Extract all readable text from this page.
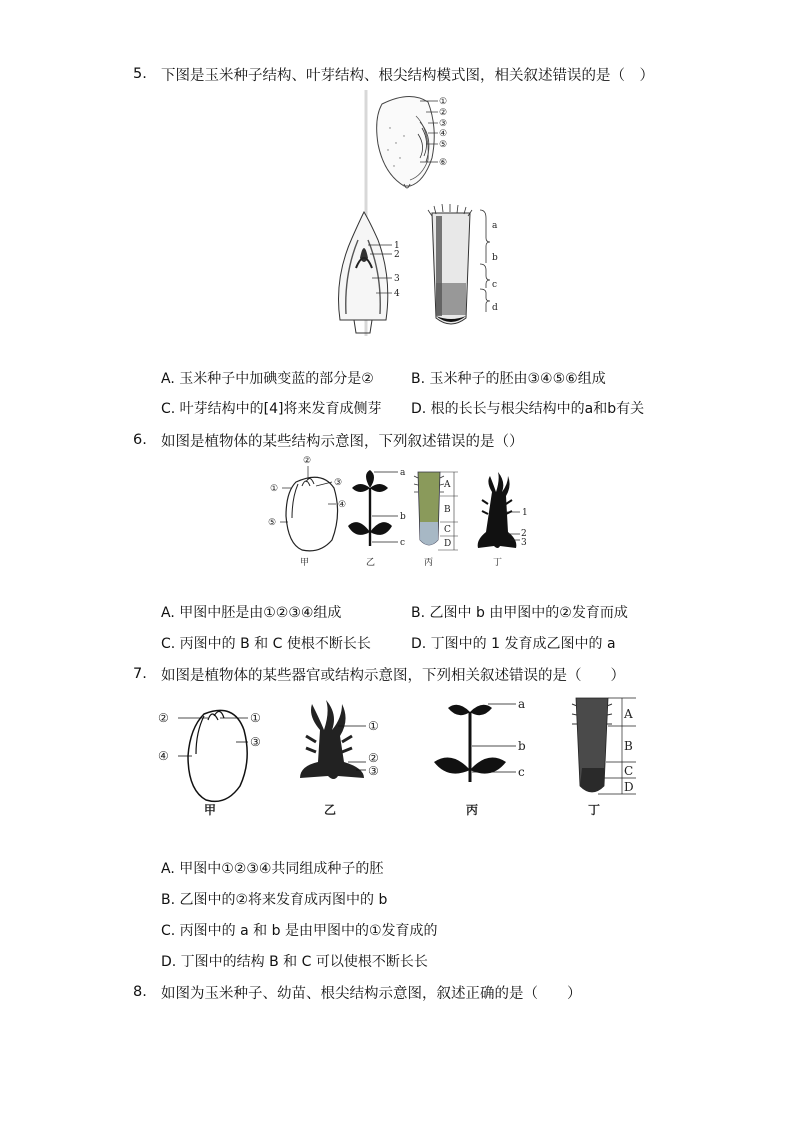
5. 下图是玉米种子结构、叶芽结构、根尖结构模式图，相关叙述错误的是（　）
①
②
③
④
⑤
⑥
1
2
3
4
a
b
c
d
A. 玉米种子中加碘变蓝的部分是②	B. 玉米种子的胚由③④⑤⑥组成
C. 叶芽结构中的[4]将来发育成侧芽 D. 根的长长与根尖结构中的a和b有关
6. 如图是植物体的某些结构示意图，下列叙述错误的是（）
②
①
③
④
⑤
甲
a
b
c
乙
A
B
C
D
丙
1
2
3
丁
A. 甲图中胚是由①②③④组成	B. 乙图中 b 由甲图中的②发育而成
C. 丙图中的 B 和 C 使根不断长长	D. 丁图中的 1 发育成乙图中的 a
7. 如图是植物体的某些器官或结构示意图，下列相关叙述错误的是（　　）
②	①
④
③
甲
①
②
③
乙
a
b
c
丙
A
B
C
D
丁
A. 甲图中①②③④共同组成种子的胚
B. 乙图中的②将来发育成丙图中的 b
C. 丙图中的 a 和 b 是由甲图中的①发育成的
D. 丁图中的结构 B 和 C 可以使根不断长长
8. 如图为玉米种子、幼苗、根尖结构示意图，叙述正确的是（　　）
